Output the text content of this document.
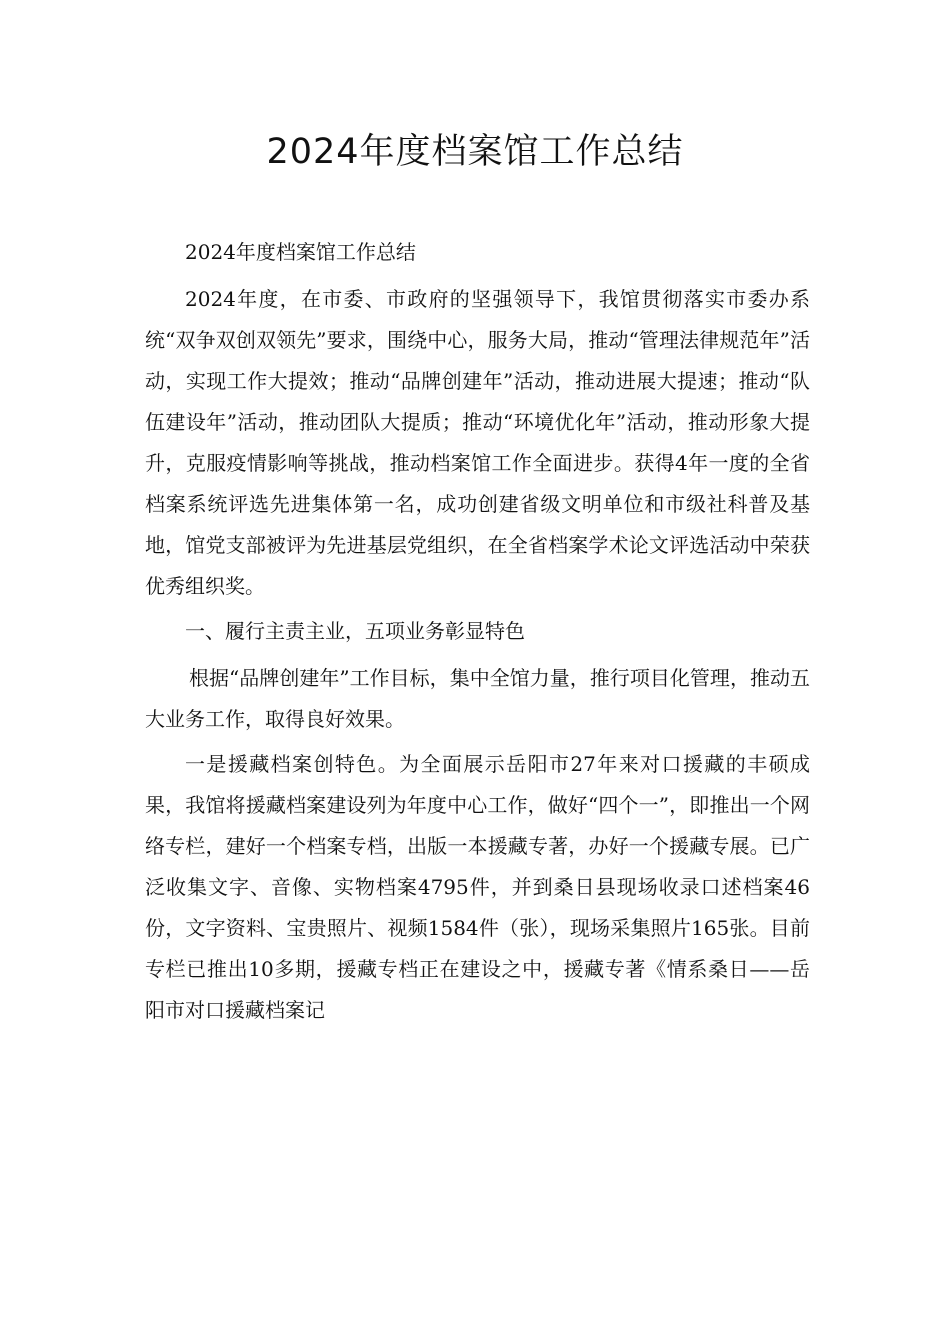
2024年度档案馆工作总结

2024年度档案馆工作总结

2024年度，在市委、市政府的坚强领导下，我馆贯彻落实市委办系统“双争双创双领先”要求，围绕中心，服务大局，推动“管理法律规范年”活动，实现工作大提效；推动“品牌创建年”活动，推动进展大提速；推动“队伍建设年”活动，推动团队大提质；推动“环境优化年”活动，推动形象大提升，克服疫情影响等挑战，推动档案馆工作全面进步。获得4年一度的全省档案系统评选先进集体第一名，成功创建省级文明单位和市级社科普及基地，馆党支部被评为先进基层党组织，在全省档案学术论文评选活动中荣获优秀组织奖。

一、履行主责主业，五项业务彰显特色

根据“品牌创建年”工作目标，集中全馆力量，推行项目化管理，推动五大业务工作，取得良好效果。

一是援藏档案创特色。为全面展示岳阳市27年来对口援藏的丰硕成果，我馆将援藏档案建设列为年度中心工作，做好“四个一”，即推出一个网络专栏，建好一个档案专档，出版一本援藏专著，办好一个援藏专展。已广泛收集文字、音像、实物档案4795件，并到桑日县现场收录口述档案46份，文字资料、宝贵照片、视频1584件（张），现场采集照片165张。目前专栏已推出10多期，援藏专档正在建设之中，援藏专著《情系桑日——岳阳市对口援藏档案记
